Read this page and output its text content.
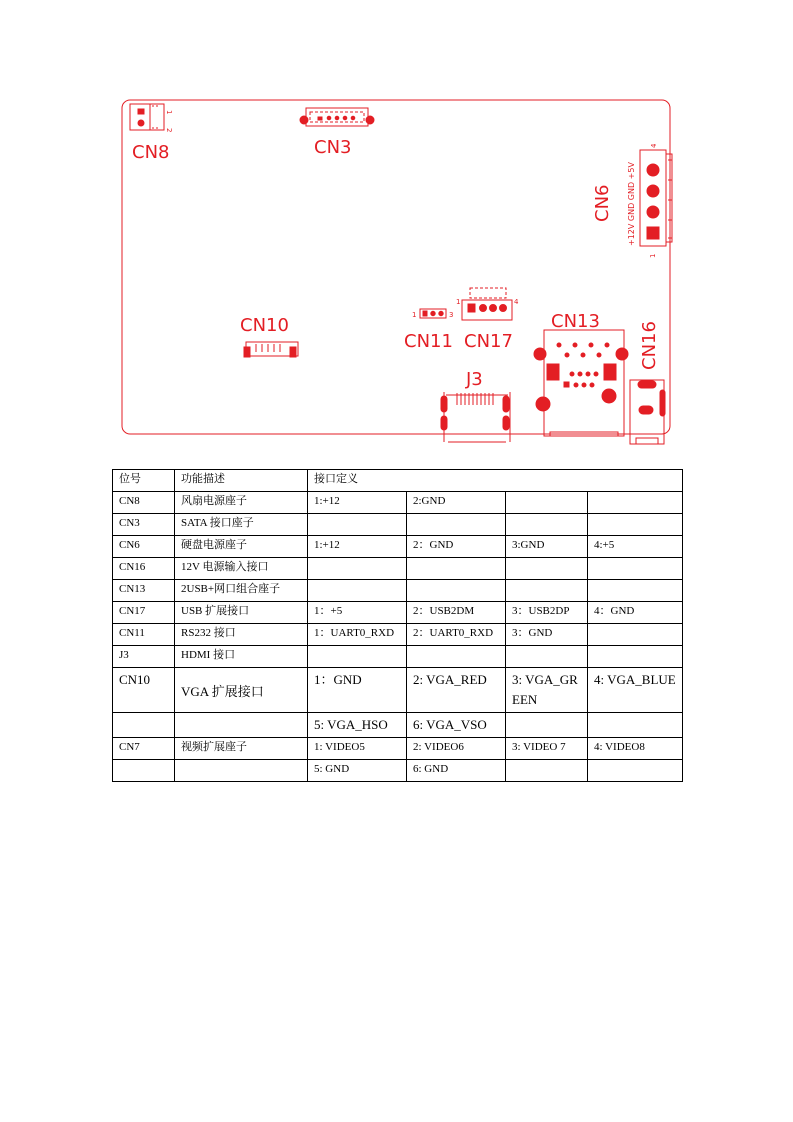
CN8	CN3
CN6 +12V GND GND +5V
CN10
CN11 CN17
CN13 CN16
J3
1
2
1
4
1	3
1	4
位号	功能描述	接口定义			
CN8	风扇电源座子	1:+12	2:GND		
CN3	SATA 接口座子				
CN6	硬盘电源座子	1:+12	2：GND	3:GND	4:+5
CN16	12V 电源输入接口				
CN13	2USB+网口组合座子				
CN17	USB 扩展接口	1：+5	2：USB2DM	3：USB2DP	4：GND
CN11	RS232 接口	1：UART0_RXD	2：UART0_RXD	3：GND	
J3	HDMI 接口				
CN10	VGA 扩展接口	1：GND	2: VGA_RED	3: VGA_GREEN	4: VGA_BLUE
		5: VGA_HSO	6: VGA_VSO		
CN7	视频扩展座子	1: VIDEO5	2: VIDEO6	3: VIDEO 7	4: VIDEO8
		5: GND	6: GND		
